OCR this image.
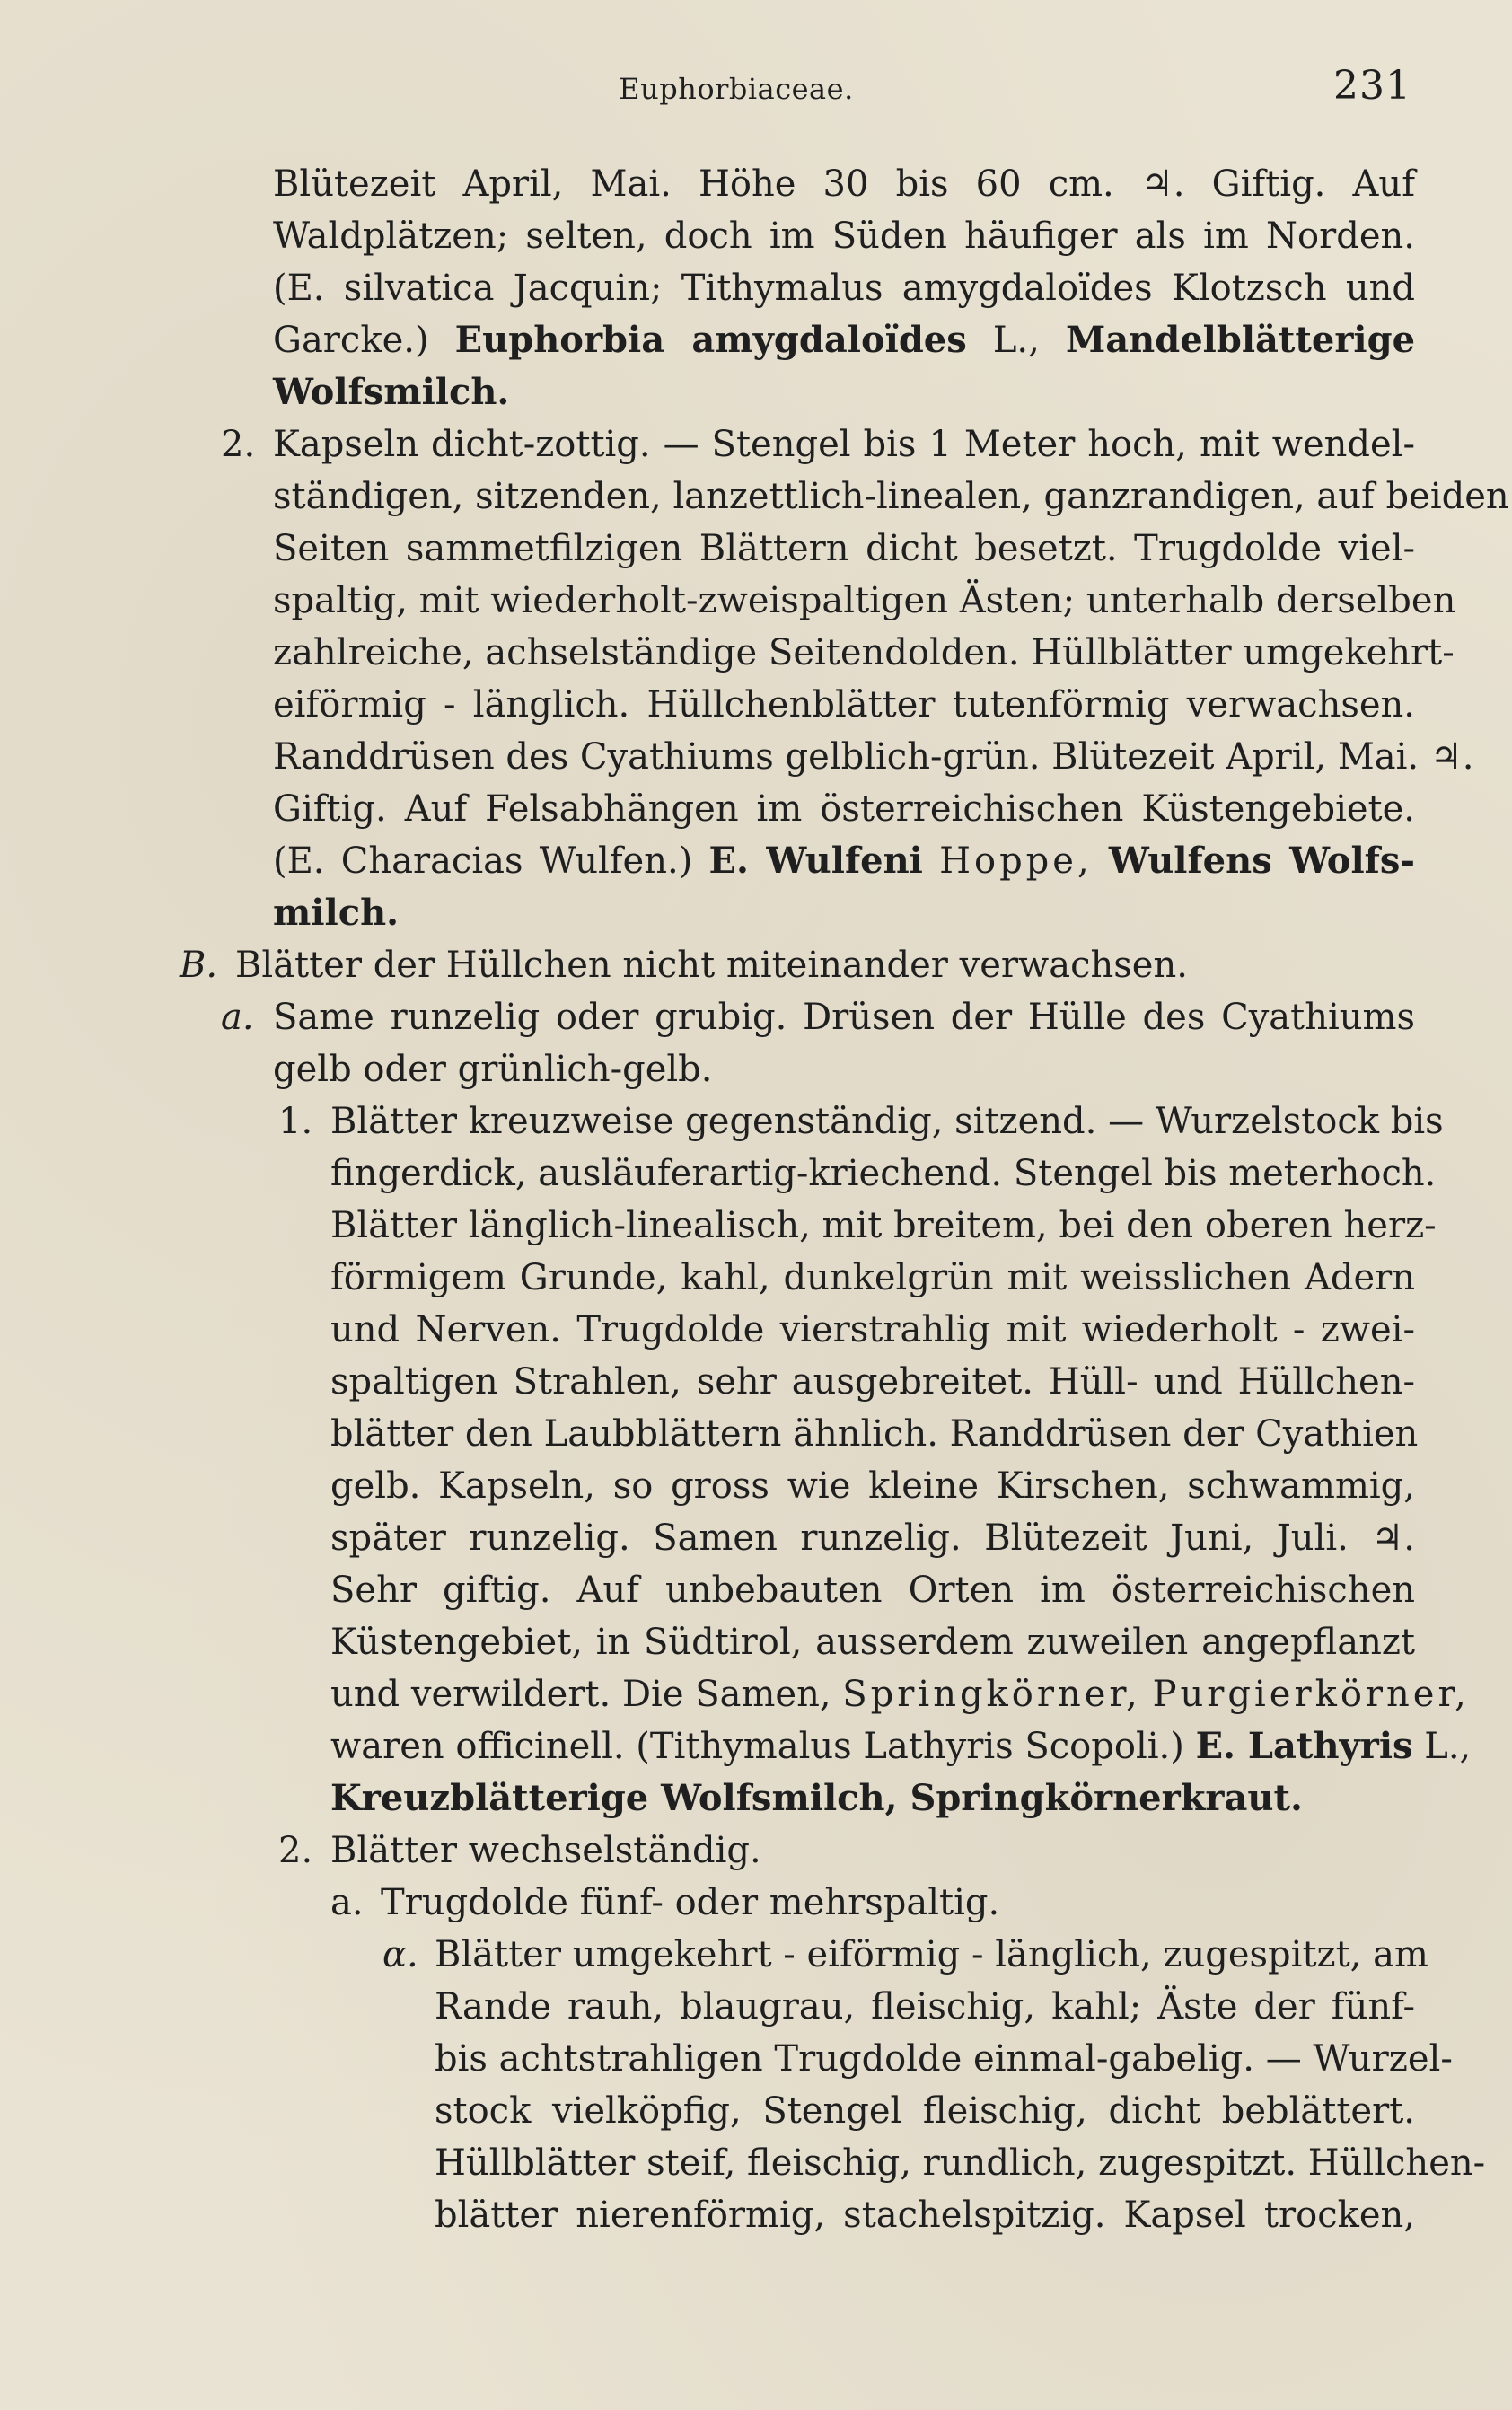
Euphorbiaceae.	231
Blütezeit April, Mai. Höhe 30 bis 60 cm. ♃. Giftig. Auf
Waldplätzen; selten, doch im Süden häufiger als im Norden.
(E. silvatica Jacquin; Tithymalus amygdaloïdes Klotzsch und
Garcke.) Euphorbia amygdaloïdes L., Mandelblätterige
Wolfsmilch.
2. Kapseln dicht-zottig. — Stengel bis 1 Meter hoch, mit wendel-
ständigen, sitzenden, lanzettlich-linealen, ganzrandigen, auf beiden
Seiten sammetfilzigen Blättern dicht besetzt. Trugdolde viel-
spaltig, mit wiederholt-zweispaltigen Ästen; unterhalb derselben
zahlreiche, achselständige Seitendolden. Hüllblätter umgekehrt-
eiförmig - länglich. Hüllchenblätter tutenförmig verwachsen.
Randdrüsen des Cyathiums gelblich-grün. Blütezeit April, Mai. ♃.
Giftig. Auf Felsabhängen im österreichischen Küstengebiete.
(E. Characias Wulfen.) E. Wulfeni Hoppe, Wulfens Wolfs-
milch.
B. Blätter der Hüllchen nicht miteinander verwachsen.
a. Same runzelig oder grubig. Drüsen der Hülle des Cyathiums
gelb oder grünlich-gelb.
1. Blätter kreuzweise gegenständig, sitzend. — Wurzelstock bis
fingerdick, ausläuferartig-kriechend. Stengel bis meterhoch.
Blätter länglich-linealisch, mit breitem, bei den oberen herz-
förmigem Grunde, kahl, dunkelgrün mit weisslichen Adern
und Nerven. Trugdolde vierstrahlig mit wiederholt - zwei-
spaltigen Strahlen, sehr ausgebreitet. Hüll- und Hüllchen-
blätter den Laubblättern ähnlich. Randdrüsen der Cyathien
gelb. Kapseln, so gross wie kleine Kirschen, schwammig,
später runzelig. Samen runzelig. Blütezeit Juni, Juli. ♃.
Sehr giftig. Auf unbebauten Orten im österreichischen
Küstengebiet, in Südtirol, ausserdem zuweilen angepflanzt
und verwildert. Die Samen, Springkörner, Purgierkörner,
waren officinell. (Tithymalus Lathyris Scopoli.) E. Lathyris L.,
Kreuzblätterige Wolfsmilch, Springkörnerkraut.
2. Blätter wechselständig.
a. Trugdolde fünf- oder mehrspaltig.
α. Blätter umgekehrt - eiförmig - länglich, zugespitzt, am
Rande rauh, blaugrau, fleischig, kahl; Äste der fünf-
bis achtstrahligen Trugdolde einmal-gabelig. — Wurzel-
stock vielköpfig, Stengel fleischig, dicht beblättert.
Hüllblätter steif, fleischig, rundlich, zugespitzt. Hüllchen-
blätter nierenförmig, stachelspitzig. Kapsel trocken,
